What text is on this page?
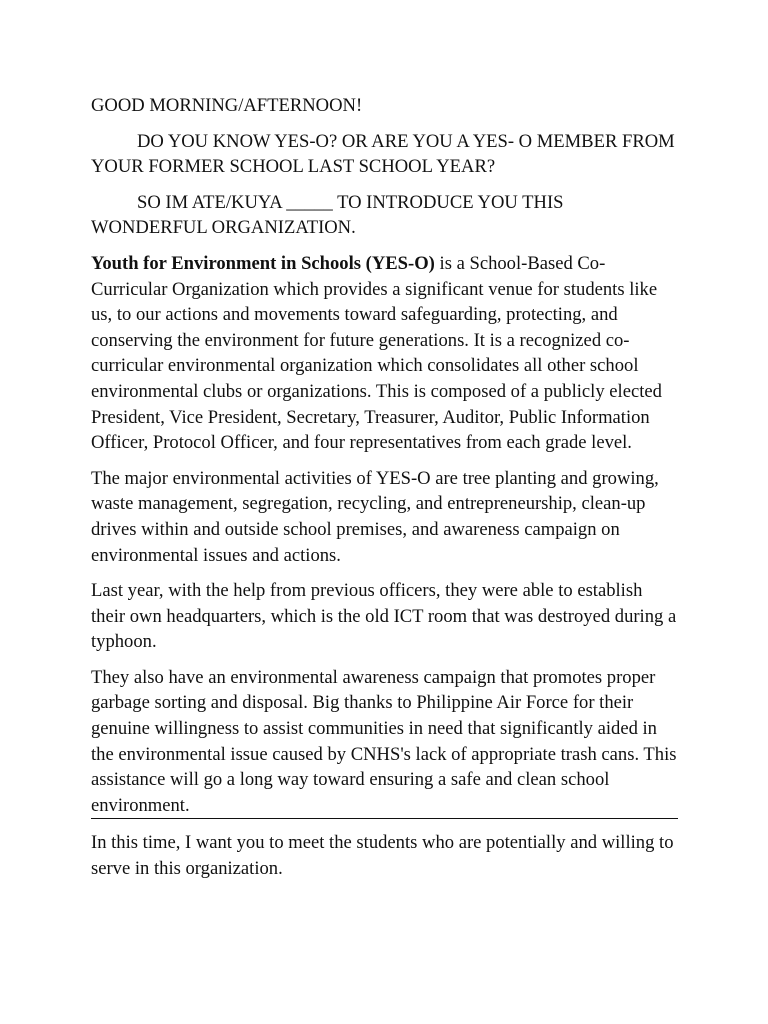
GOOD MORNING/AFTERNOON!

DO YOU KNOW YES-O? OR ARE YOU A YES- O MEMBER FROM YOUR FORMER SCHOOL LAST SCHOOL YEAR?

SO IM ATE/KUYA _____ TO INTRODUCE YOU THIS WONDERFUL ORGANIZATION.

Youth for Environment in Schools (YES-O) is a School-Based Co-Curricular Organization which provides a significant venue for students like us, to our actions and movements toward safeguarding, protecting, and conserving the environment for future generations. It is a recognized co-curricular environmental organization which consolidates all other school environmental clubs or organizations. This is composed of a publicly elected President, Vice President, Secretary, Treasurer, Auditor, Public Information Officer, Protocol Officer, and four representatives from each grade level.

The major environmental activities of YES-O are tree planting and growing, waste management, segregation, recycling, and entrepreneurship, clean-up drives within and outside school premises, and awareness campaign on environmental issues and actions.

Last year, with the help from previous officers, they were able to establish their own headquarters, which is the old ICT room that was destroyed during a typhoon.

They also have an environmental awareness campaign that promotes proper garbage sorting and disposal. Big thanks to Philippine Air Force for their genuine willingness to assist communities in need that significantly aided in the environmental issue caused by CNHS's lack of appropriate trash cans. This assistance will go a long way toward ensuring a safe and clean school environment.

In this time, I want you to meet the students who are potentially and willing to serve in this organization.
